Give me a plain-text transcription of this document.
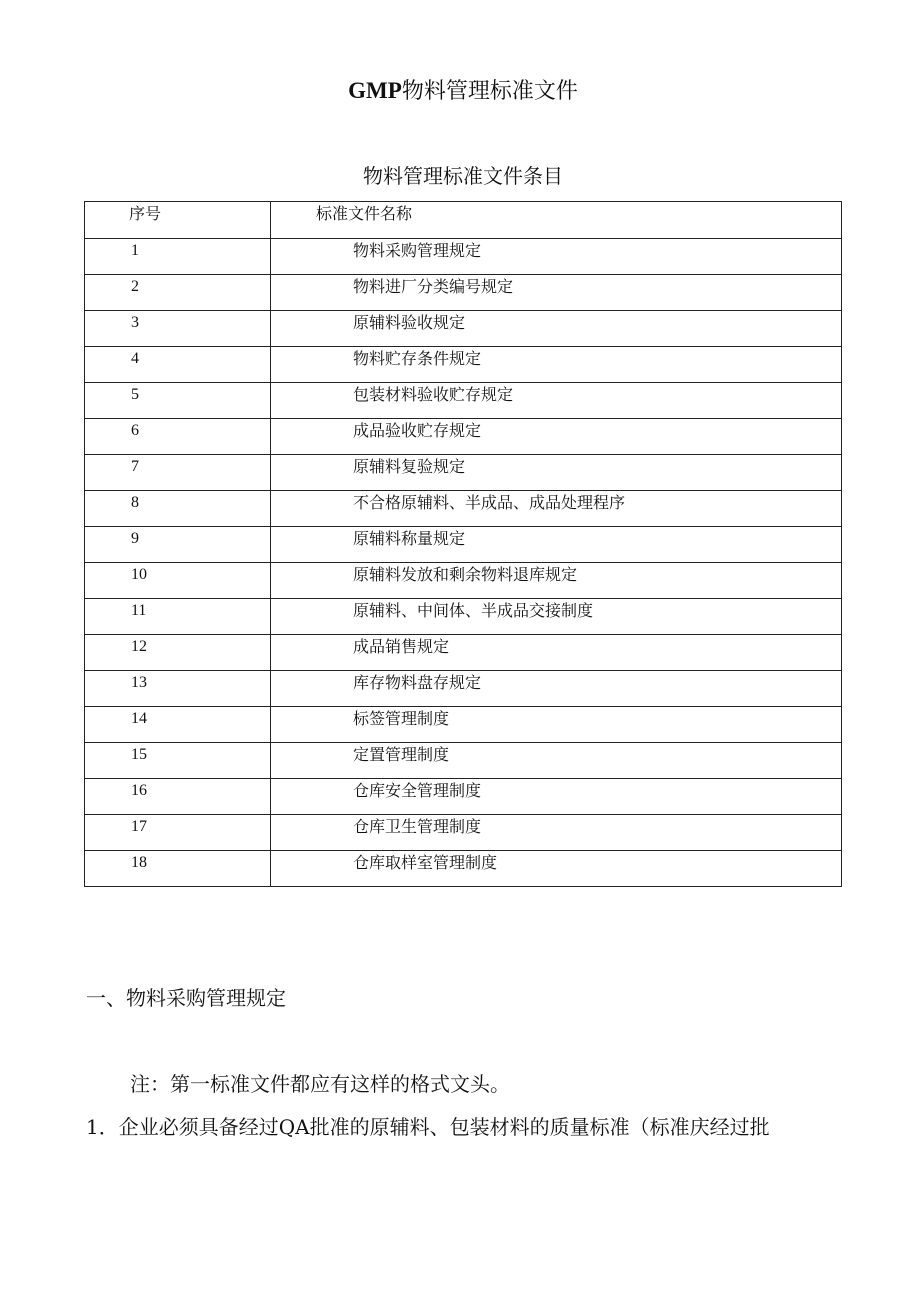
GMP物料管理标准文件
物料管理标准文件条目
序号	标准文件名称
1	物料采购管理规定
2	物料进厂分类编号规定
3	原辅料验收规定
4	物料贮存条件规定
5	包装材料验收贮存规定
6	成品验收贮存规定
7	原辅料复验规定
8	不合格原辅料、半成品、成品处理程序
9	原辅料称量规定
10	原辅料发放和剩余物料退库规定
11	原辅料、中间体、半成品交接制度
12	成品销售规定
13	库存物料盘存规定
14	标签管理制度
15	定置管理制度
16	仓库安全管理制度
17	仓库卫生管理制度
18	仓库取样室管理制度
一、物料采购管理规定
注：第一标准文件都应有这样的格式文头。
1．企业必须具备经过QA批准的原辅料、包装材料的质量标准（标准庆经过批
